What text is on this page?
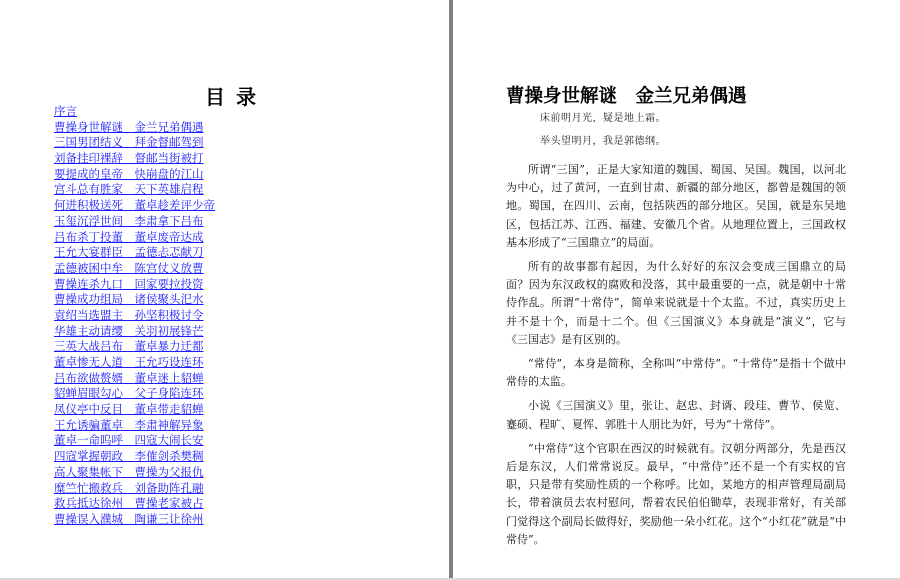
目 录
序言
曹操身世解谜　金兰兄弟偶遇
三国男团结义　拜金督邮驾到
刘备挂印裸辞　督邮当街被打
要提成的皇帝　快崩盘的江山
宫斗总有胜家　天下英雄启程
何进积极送死　董卓趁差评少帝
玉玺沉浮世间　李肃拿下吕布
吕布杀丁投董　董卓废帝达成
王允大宴群臣　孟德忐忑献刀
孟德被困中牟　陈宫仗义放曹
曹操连杀九口　回家要拉投资
曹操成功组局　诸侯聚头汜水
袁绍当选盟主　孙坚积极讨令
华雄主动请缨　关羽初展锋芒
三英大战吕布　董卓暴力迁都
董卓惨无人道　王允巧设连环
吕布欲做赘婿　董卓迷上貂蝉
貂蝉眉眼勾心　父子身陷连环
凤仪亭中反目　董卓带走貂蝉
王允诱骗董卓　李肃神解异象
董卓一命呜呼　四寇大闹长安
四寇掌握朝政　李傕剑杀樊稠
高人聚集帐下　曹操为父报仇
糜竺忙搬救兵　刘备助阵孔融
救兵抵达徐州　曹操老家被占
曹操误入濮城　陶谦三让徐州
曹操身世解谜　金兰兄弟偶遇
床前明月光，疑是地上霜。
举头望明月，我是郭德纲。

所谓“三国”，正是大家知道的魏国、蜀国、吴国。魏国，以河北为中心，过了黄河，一直到甘肃、新疆的部分地区，都曾是魏国的领地。蜀国，在四川、云南，包括陕西的部分地区。吴国，就是东吴地区，包括江苏、江西、福建、安徽几个省。从地理位置上，三国政权基本形成了“三国鼎立”的局面。

所有的故事都有起因，为什么好好的东汉会变成三国鼎立的局面？因为东汉政权的腐败和没落，其中最重要的一点，就是朝中十常侍作乱。所谓“十常侍”，简单来说就是十个太监。不过，真实历史上并不是十个，而是十二个。但《三国演义》本身就是“演义”，它与《三国志》是有区别的。

“常侍”，本身是简称，全称叫“中常侍”。“十常侍”是指十个做中常侍的太监。

小说《三国演义》里，张让、赵忠、封谞、段珪、曹节、侯览、蹇硕、程旷、夏恽、郭胜十人朋比为奸，号为“十常侍”。

“中常侍”这个官职在西汉的时候就有。汉朝分两部分，先是西汉后是东汉，人们常常说反。最早，“中常侍”还不是一个有实权的官职，只是带有奖励性质的一个称呼。比如，某地方的相声管理局副局长，带着演员去农村慰问，帮着农民伯伯锄草，表现非常好，有关部门觉得这个副局长做得好，奖励他一朵小红花。这个“小红花”就是“中常侍”。
